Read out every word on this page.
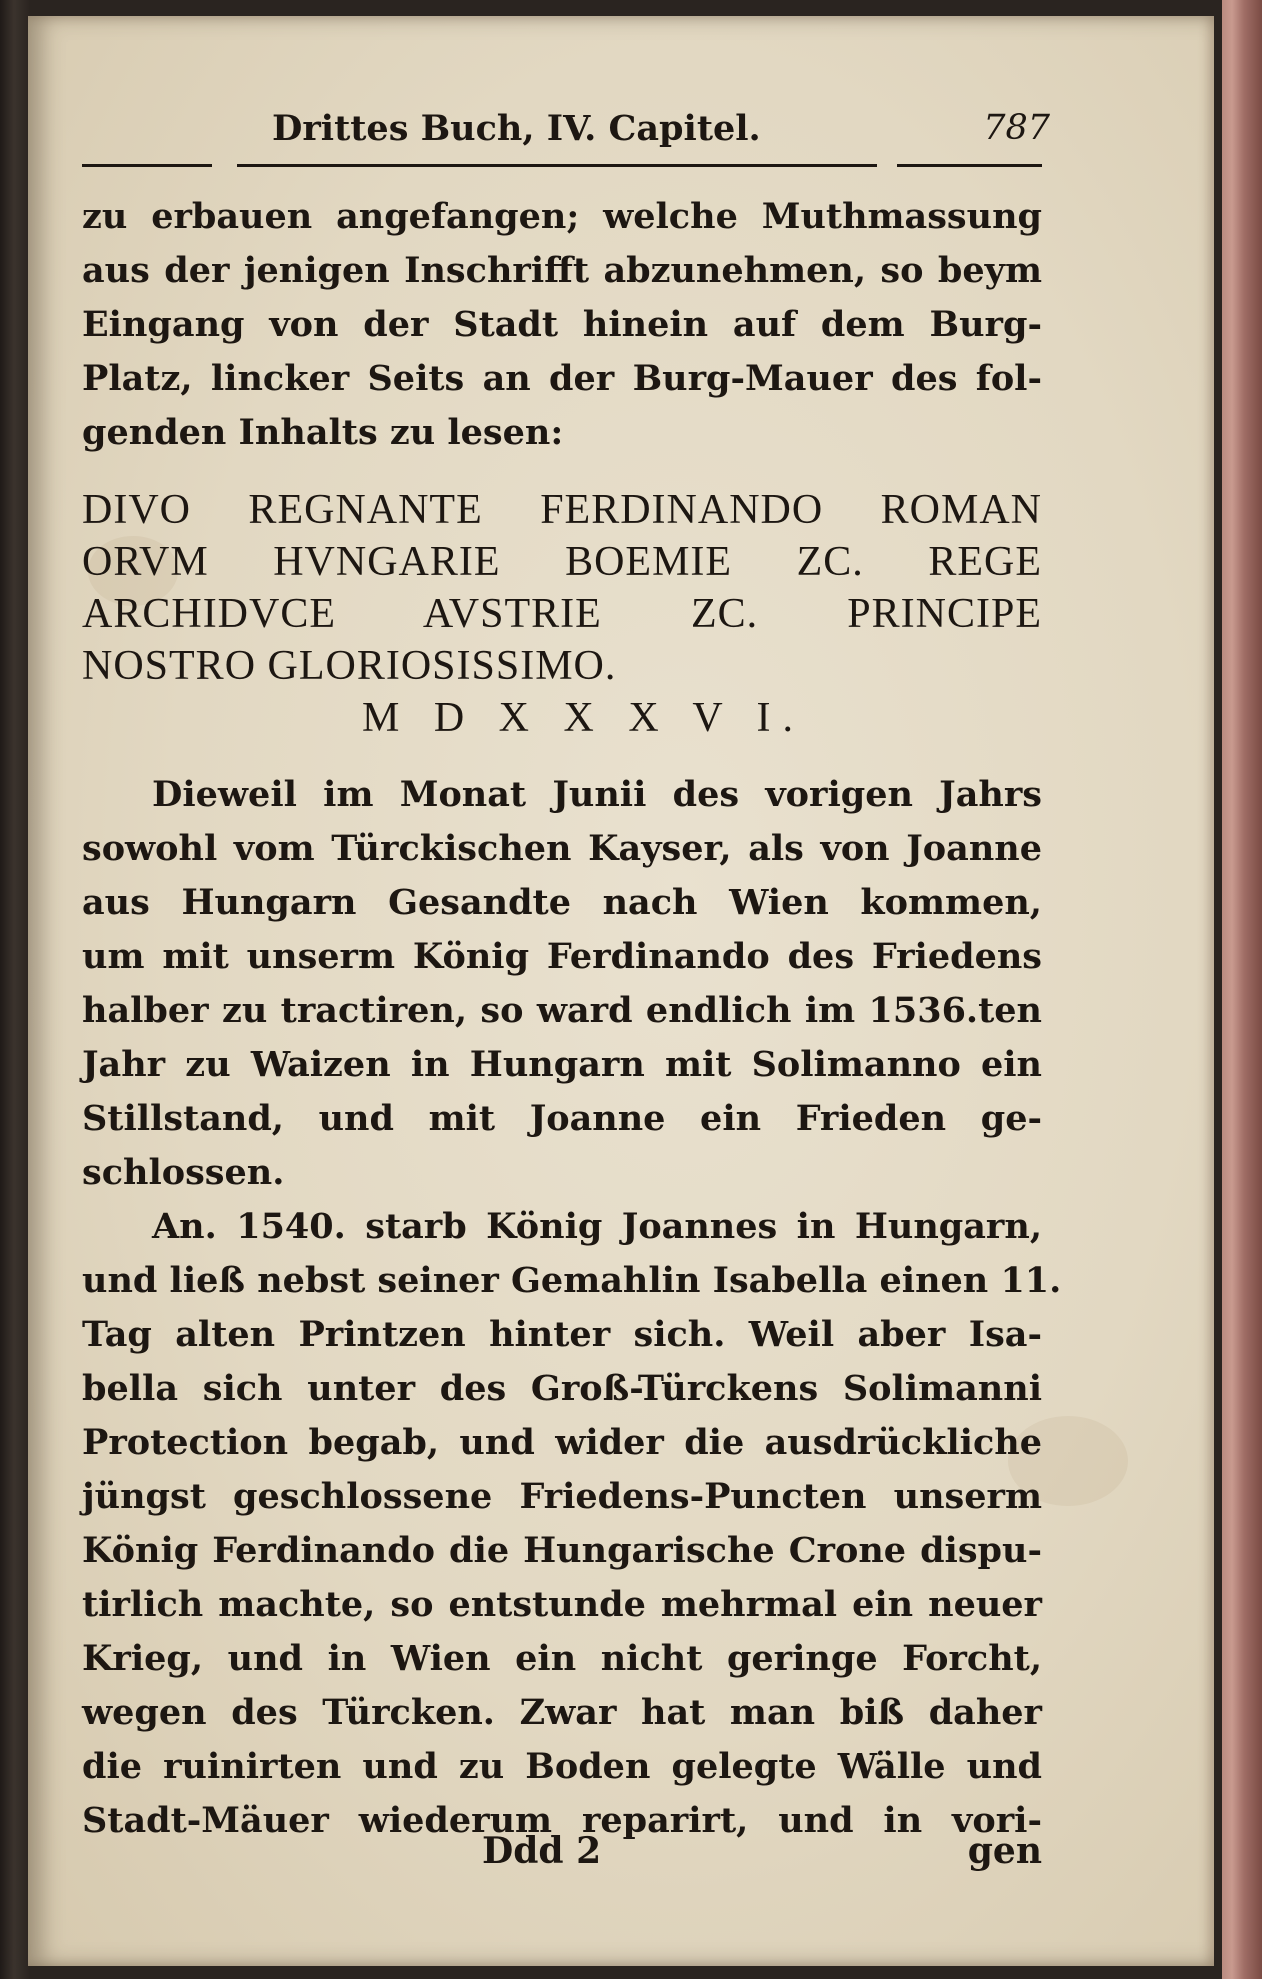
Drittes Buch, IV. Capitel.	787
zu erbauen angefangen; welche Muthmassung
aus der jenigen Inschrifft abzunehmen, so beym
Eingang von der Stadt hinein auf dem Burg-
Platz, lincker Seits an der Burg-Mauer des fol-
genden Inhalts zu lesen:
DIVO REGNANTE FERDINANDO ROMAN
ORVM HVNGARIE BOEMIE ZC. REGE
ARCHIDVCE AVSTRIE ZC. PRINCIPE
NOSTRO GLORIOSISSIMO.
M D X X X V I.
Dieweil im Monat Junii des vorigen Jahrs
sowohl vom Türckischen Kayser, als von Joanne
aus Hungarn Gesandte nach Wien kommen,
um mit unserm König Ferdinando des Friedens
halber zu tractiren, so ward endlich im 1536.ten
Jahr zu Waizen in Hungarn mit Solimanno ein
Stillstand, und mit Joanne ein Frieden ge-
schlossen.
An. 1540. starb König Joannes in Hungarn,
und ließ nebst seiner Gemahlin Isabella einen 11.
Tag alten Printzen hinter sich. Weil aber Isa-
bella sich unter des Groß-Türckens Solimanni
Protection begab, und wider die ausdrückliche
jüngst geschlossene Friedens-Puncten unserm
König Ferdinando die Hungarische Crone dispu-
tirlich machte, so entstunde mehrmal ein neuer
Krieg, und in Wien ein nicht geringe Forcht,
wegen des Türcken. Zwar hat man biß daher
die ruinirten und zu Boden gelegte Wälle und
Stadt-Mäuer wiederum reparirt, und in vori-
Ddd 2	gen
